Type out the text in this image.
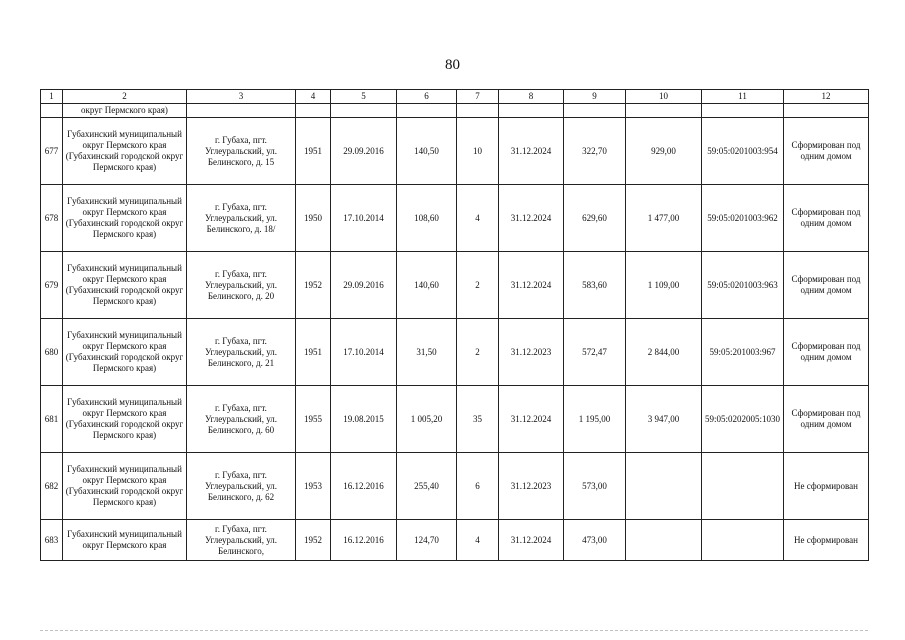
80
1	2	3	4	5	6	7	8	9	10	11	12
	округ Пермского края)										
677	Губахинский муниципальный округ Пермского края (Губахинский городской округ Пермского края)	г. Губаха, пгт. Углеуральский, ул. Белинского, д. 15	1951	29.09.2016	140,50	10	31.12.2024	322,70	929,00	59:05:0201003:954	Сформирован под одним домом
678	Губахинский муниципальный округ Пермского края (Губахинский городской округ Пермского края)	г. Губаха, пгт. Углеуральский, ул. Белинского, д. 18/	1950	17.10.2014	108,60	4	31.12.2024	629,60	1 477,00	59:05:0201003:962	Сформирован под одним домом
679	Губахинский муниципальный округ Пермского края (Губахинский городской округ Пермского края)	г. Губаха, пгт. Углеуральский, ул. Белинского, д. 20	1952	29.09.2016	140,60	2	31.12.2024	583,60	1 109,00	59:05:0201003:963	Сформирован под одним домом
680	Губахинский муниципальный округ Пермского края (Губахинский городской округ Пермского края)	г. Губаха, пгт. Углеуральский, ул. Белинского, д. 21	1951	17.10.2014	31,50	2	31.12.2023	572,47	2 844,00	59:05:201003:967	Сформирован под одним домом
681	Губахинский муниципальный округ Пермского края (Губахинский городской округ Пермского края)	г. Губаха, пгт. Углеуральский, ул. Белинского, д. 60	1955	19.08.2015	1 005,20	35	31.12.2024	1 195,00	3 947,00	59:05:0202005:1030	Сформирован под одним домом
682	Губахинский муниципальный округ Пермского края (Губахинский городской округ Пермского края)	г. Губаха, пгт. Углеуральский, ул. Белинского, д. 62	1953	16.12.2016	255,40	6	31.12.2023	573,00			Не сформирован
683	Губахинский муниципальный округ Пермского края	г. Губаха, пгт. Углеуральский, ул. Белинского,	1952	16.12.2016	124,70	4	31.12.2024	473,00			Не сформирован
